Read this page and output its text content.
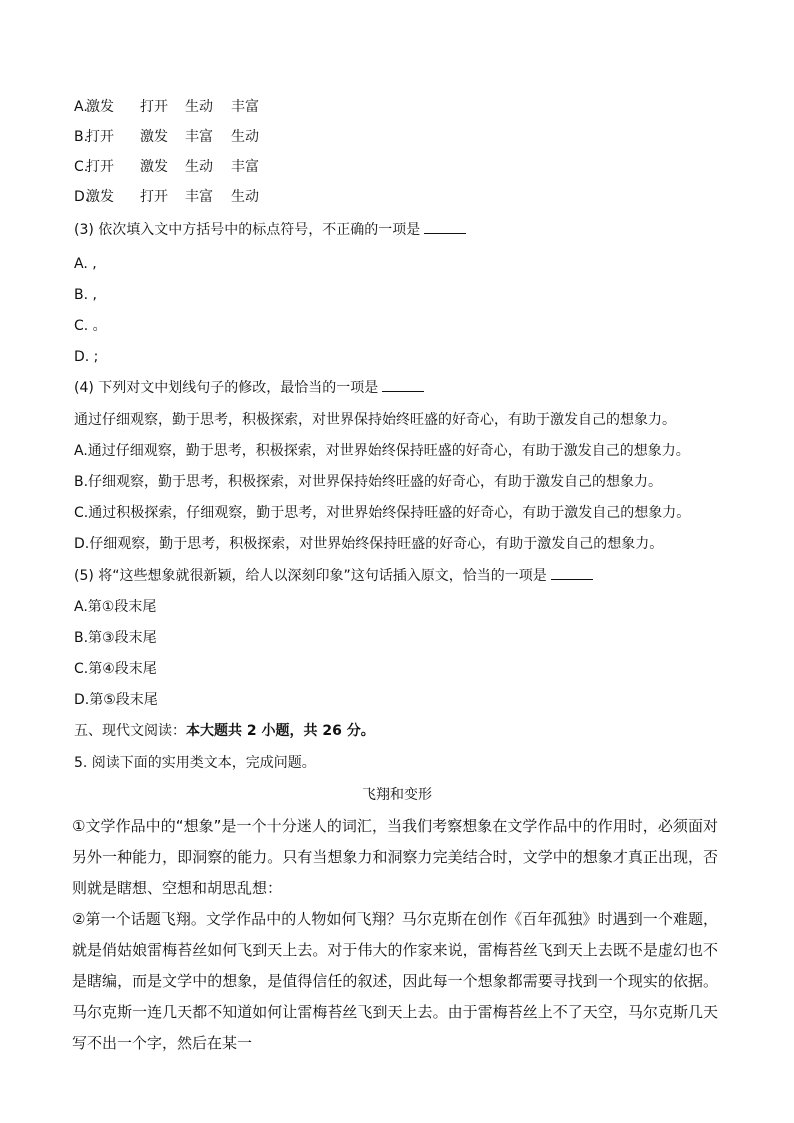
A.激发 打开 生动 丰富
B.打开 激发 丰富 生动
C.打开 激发 生动 丰富
D.激发 打开 丰富 生动
(3) 依次填入文中方括号中的标点符号，不正确的一项是
A. ,
B. ,
C. 。
D. ;
(4) 下列对文中划线句子的修改，最恰当的一项是
通过仔细观察，勤于思考，积极探索，对世界保持始终旺盛的好奇心，有助于激发自己的想象力。
A.通过仔细观察，勤于思考，积极探索，对世界始终保持旺盛的好奇心，有助于激发自己的想象力。
B.仔细观察，勤于思考，积极探索，对世界保持始终旺盛的好奇心，有助于激发自己的想象力。
C.通过积极探索，仔细观察，勤于思考，对世界始终保持旺盛的好奇心，有助于激发自己的想象力。
D.仔细观察，勤于思考，积极探索，对世界始终保持旺盛的好奇心，有助于激发自己的想象力。
(5) 将“这些想象就很新颖，给人以深刻印象”这句话插入原文，恰当的一项是
A.第①段末尾
B.第③段末尾
C.第④段末尾
D.第⑤段末尾
五、现代文阅读：本大题共 2 小题，共 26 分。
5. 阅读下面的实用类文本，完成问题。
飞翔和变形
①文学作品中的“想象”是一个十分迷人的词汇，当我们考察想象在文学作品中的作用时，必须面对另外一种能力，即洞察的能力。只有当想象力和洞察力完美结合时，文学中的想象才真正出现，否则就是瞎想、空想和胡思乱想：
②第一个话题飞翔。文学作品中的人物如何飞翔？马尔克斯在创作《百年孤独》时遇到一个难题，就是俏姑娘雷梅苔丝如何飞到天上去。对于伟大的作家来说，雷梅苔丝飞到天上去既不是虚幻也不是瞎编，而是文学中的想象，是值得信任的叙述，因此每一个想象都需要寻找到一个现实的依据。马尔克斯一连几天都不知道如何让雷梅苔丝飞到天上去。由于雷梅苔丝上不了天空，马尔克斯几天写不出一个字，然后在某一
